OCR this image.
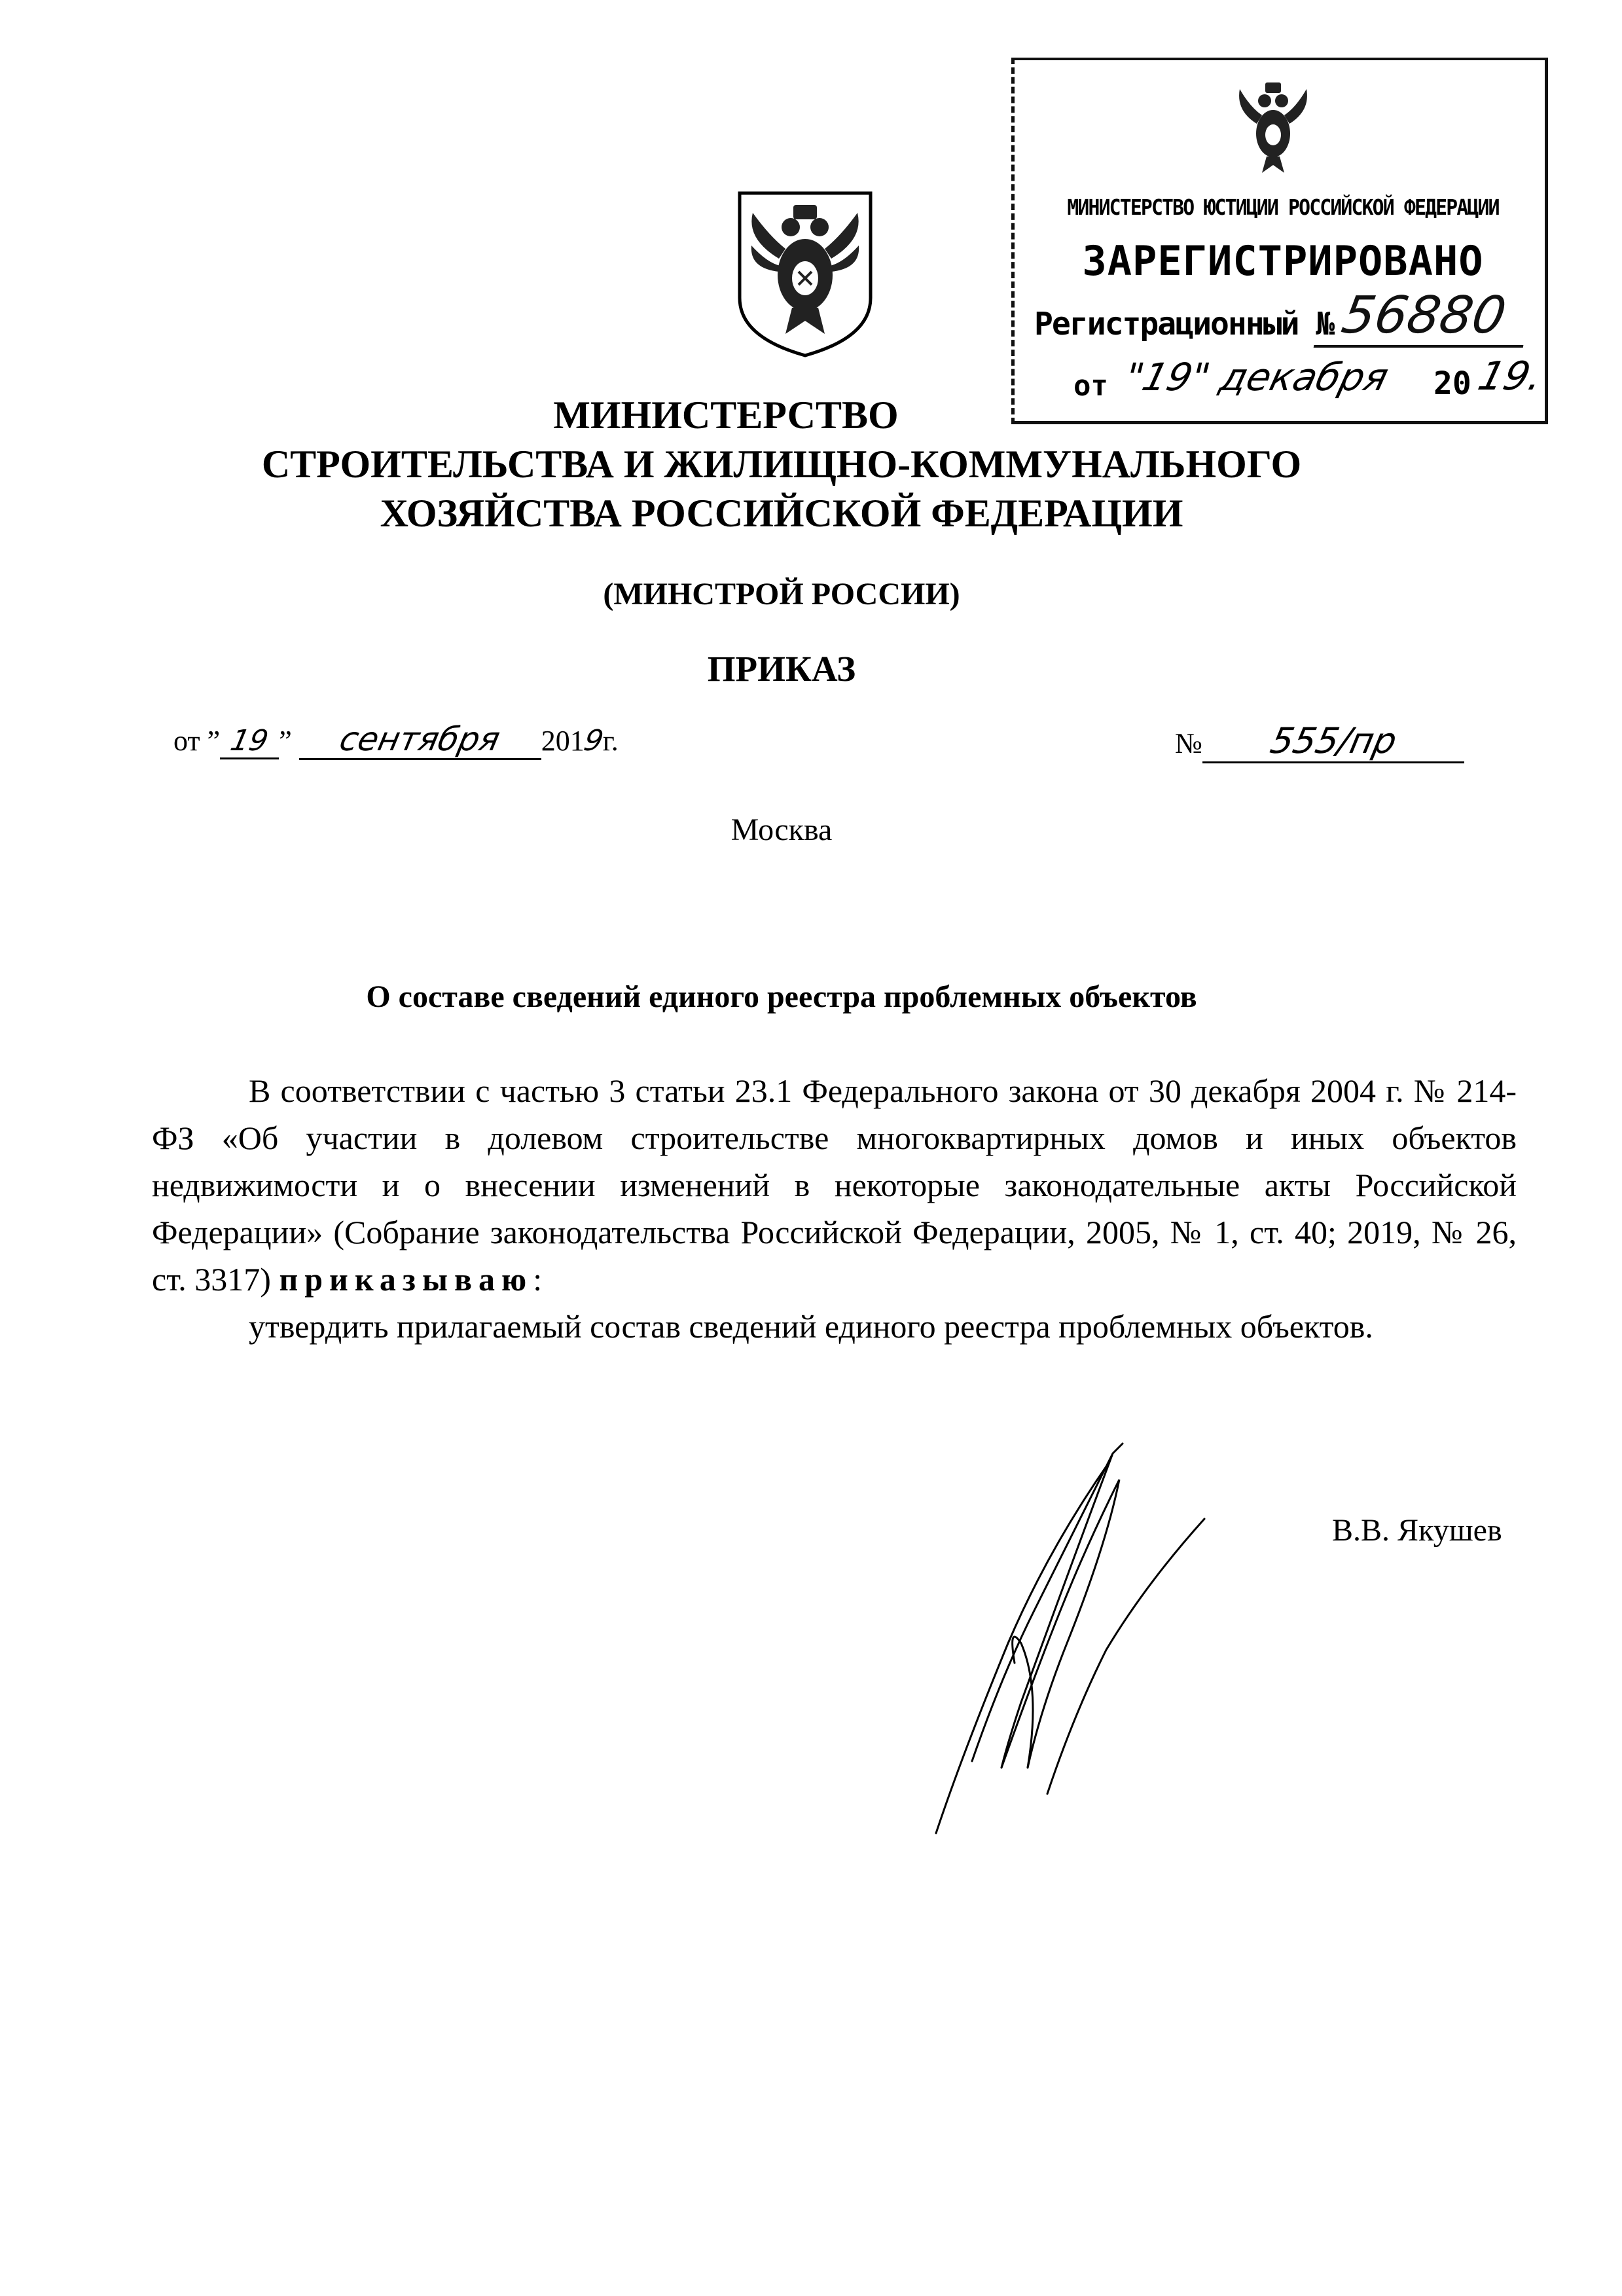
МИНИСТЕРСТВО ЮСТИЦИИ РОССИЙСКОЙ ФЕДЕРАЦИИ
ЗАРЕГИСТРИРОВАНО
Регистрационный № 56880
от "19" декабря	20 19.
МИНИСТЕРСТВО
СТРОИТЕЛЬСТВА И ЖИЛИЩНО-КОММУНАЛЬНОГО
ХОЗЯЙСТВА РОССИЙСКОЙ ФЕДЕРАЦИИ
(МИНСТРОЙ РОССИИ)
ПРИКАЗ
от ” 19 ” сентября 2019г.	№ 555/пр
Москва
О составе сведений единого реестра проблемных объектов

В соответствии с частью 3 статьи 23.1 Федерального закона от 30 декабря 2004 г. № 214-ФЗ «Об участии в долевом строительстве многоквартирных домов и иных объектов недвижимости и о внесении изменений в некоторые законодательные акты Российской Федерации» (Собрание законодательства Российской Федерации, 2005, № 1, ст. 40; 2019, № 26, ст. 3317) приказываю:

утвердить прилагаемый состав сведений единого реестра проблемных объектов.

В.В. Якушев
